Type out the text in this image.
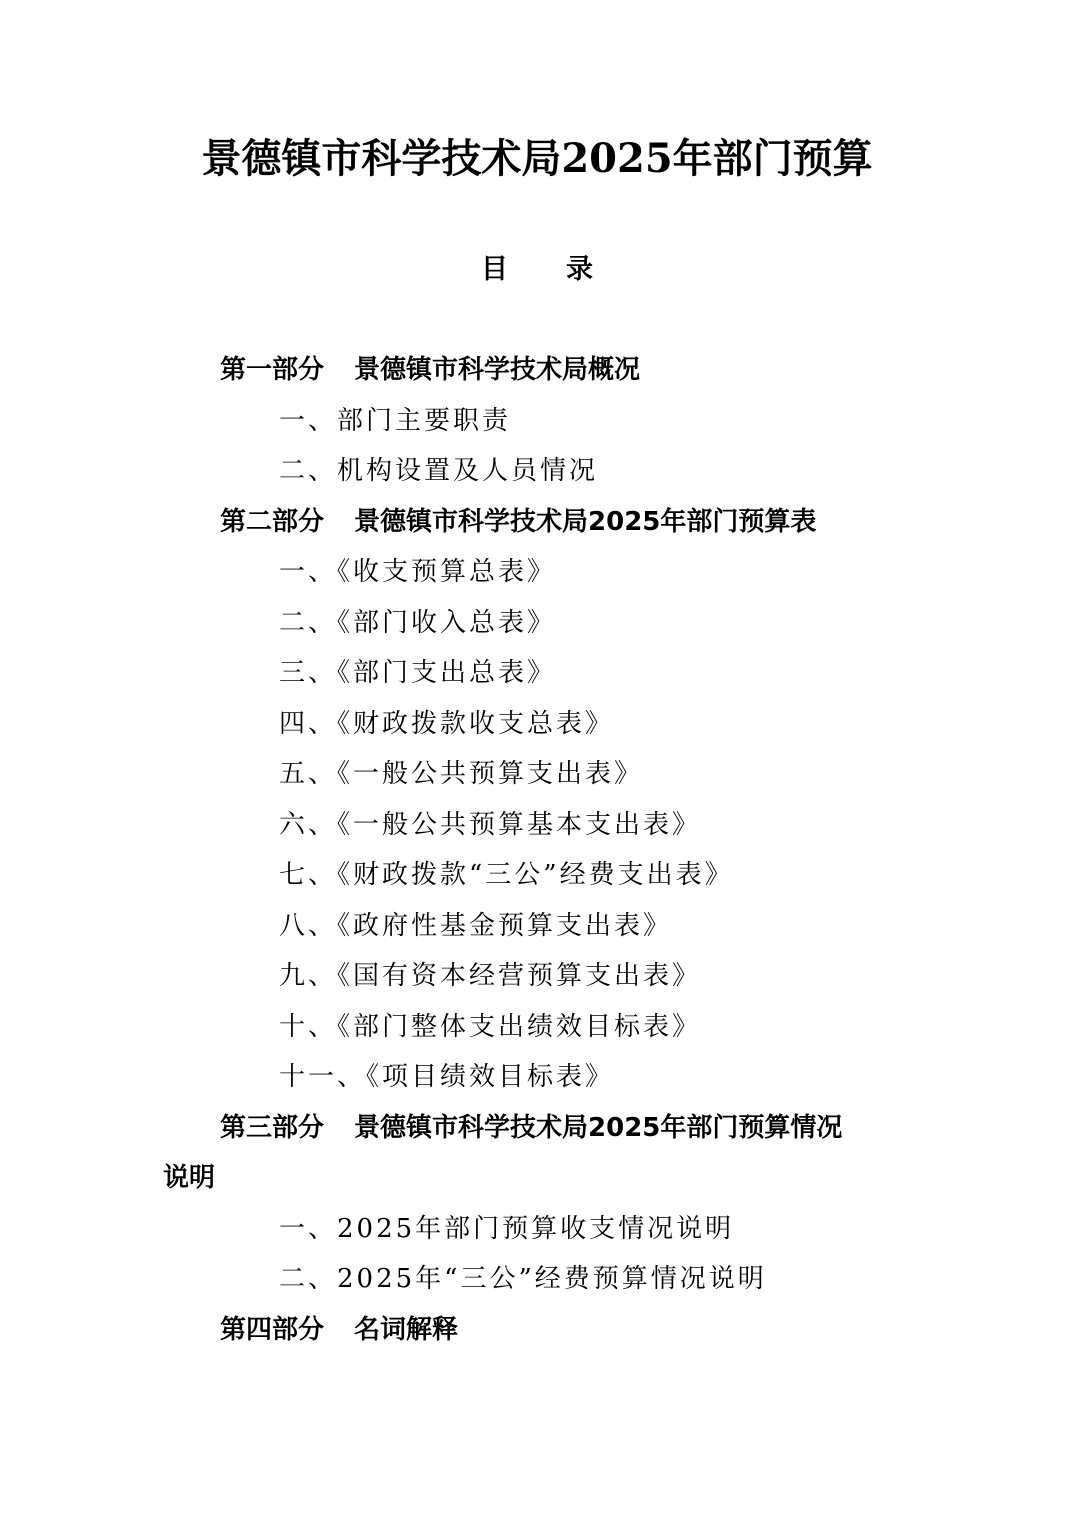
景德镇市科学技术局2025年部门预算
目录
第一部分 景德镇市科学技术局概况
一、部门主要职责
二、机构设置及人员情况
第二部分 景德镇市科学技术局2025年部门预算表
一、《收支预算总表》
二、《部门收入总表》
三、《部门支出总表》
四、《财政拨款收支总表》
五、《一般公共预算支出表》
六、《一般公共预算基本支出表》
七、《财政拨款“三公”经费支出表》
八、《政府性基金预算支出表》
九、《国有资本经营预算支出表》
十、《部门整体支出绩效目标表》
十一、《项目绩效目标表》
第三部分 景德镇市科学技术局2025年部门预算情况
说明
一、2025年部门预算收支情况说明
二、2025年“三公”经费预算情况说明
第四部分 名词解释
